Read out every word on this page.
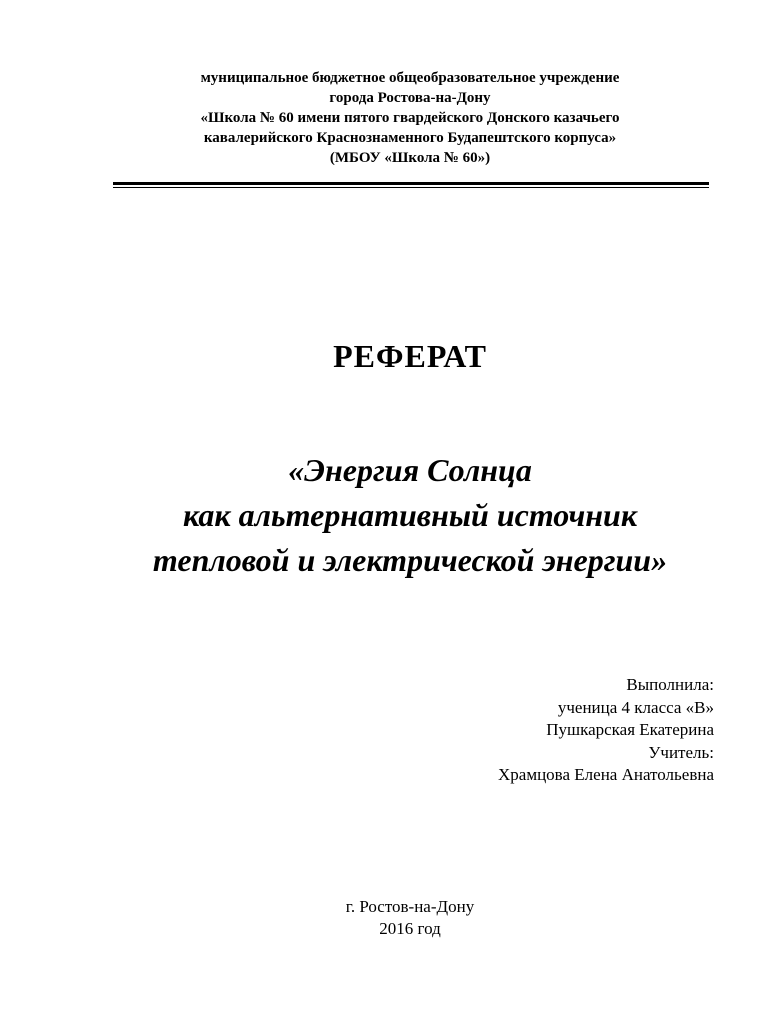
муниципальное бюджетное общеобразовательное учреждение
города Ростова-на-Дону
«Школа № 60 имени пятого гвардейского Донского казачьего
кавалерийского Краснознаменного Будапештского корпуса»
(МБОУ «Школа № 60»)
РЕФЕРАТ
«Энергия Солнца
как альтернативный источник
тепловой и электрической энергии»
Выполнила:
ученица 4 класса «В»
Пушкарская Екатерина
Учитель:
Храмцова Елена Анатольевна
г. Ростов-на-Дону
2016 год
